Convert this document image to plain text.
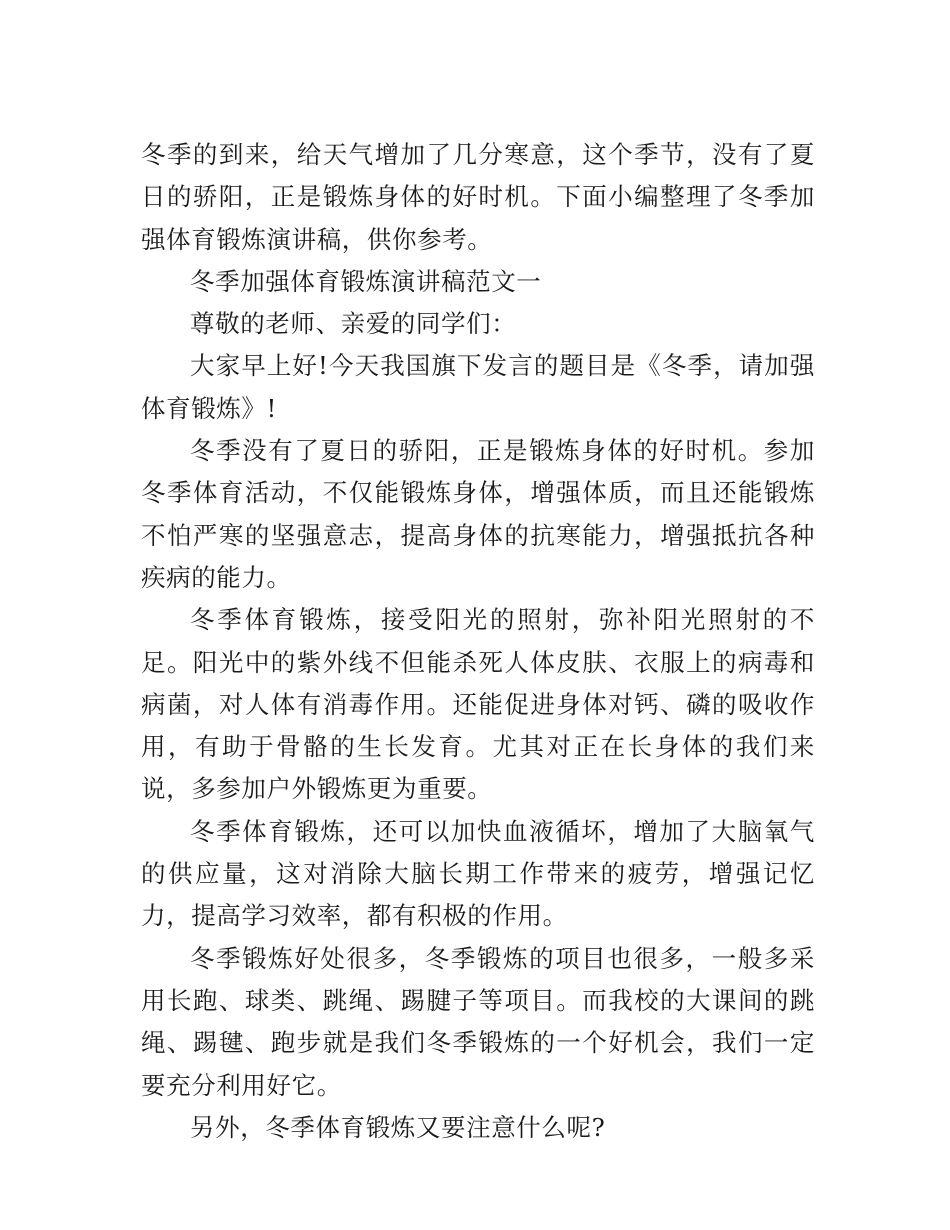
冬季的到来，给天气增加了几分寒意，这个季节，没有了夏日的骄阳，正是锻炼身体的好时机。下面小编整理了冬季加强体育锻炼演讲稿，供你参考。

冬季加强体育锻炼演讲稿范文一

尊敬的老师、亲爱的同学们：

大家早上好!今天我国旗下发言的题目是《冬季，请加强体育锻炼》!

冬季没有了夏日的骄阳，正是锻炼身体的好时机。参加冬季体育活动，不仅能锻炼身体，增强体质，而且还能锻炼不怕严寒的坚强意志，提高身体的抗寒能力，增强抵抗各种疾病的能力。

冬季体育锻炼，接受阳光的照射，弥补阳光照射的不足。阳光中的紫外线不但能杀死人体皮肤、衣服上的病毒和病菌，对人体有消毒作用。还能促进身体对钙、磷的吸收作用，有助于骨骼的生长发育。尤其对正在长身体的我们来说，多参加户外锻炼更为重要。

冬季体育锻炼，还可以加快血液循坏，增加了大脑氧气的供应量，这对消除大脑长期工作带来的疲劳，增强记忆力，提高学习效率，都有积极的作用。

冬季锻炼好处很多，冬季锻炼的项目也很多，一般多采用长跑、球类、跳绳、踢腱子等项目。而我校的大课间的跳绳、踢毽、跑步就是我们冬季锻炼的一个好机会，我们一定要充分利用好它。

另外，冬季体育锻炼又要注意什么呢?
